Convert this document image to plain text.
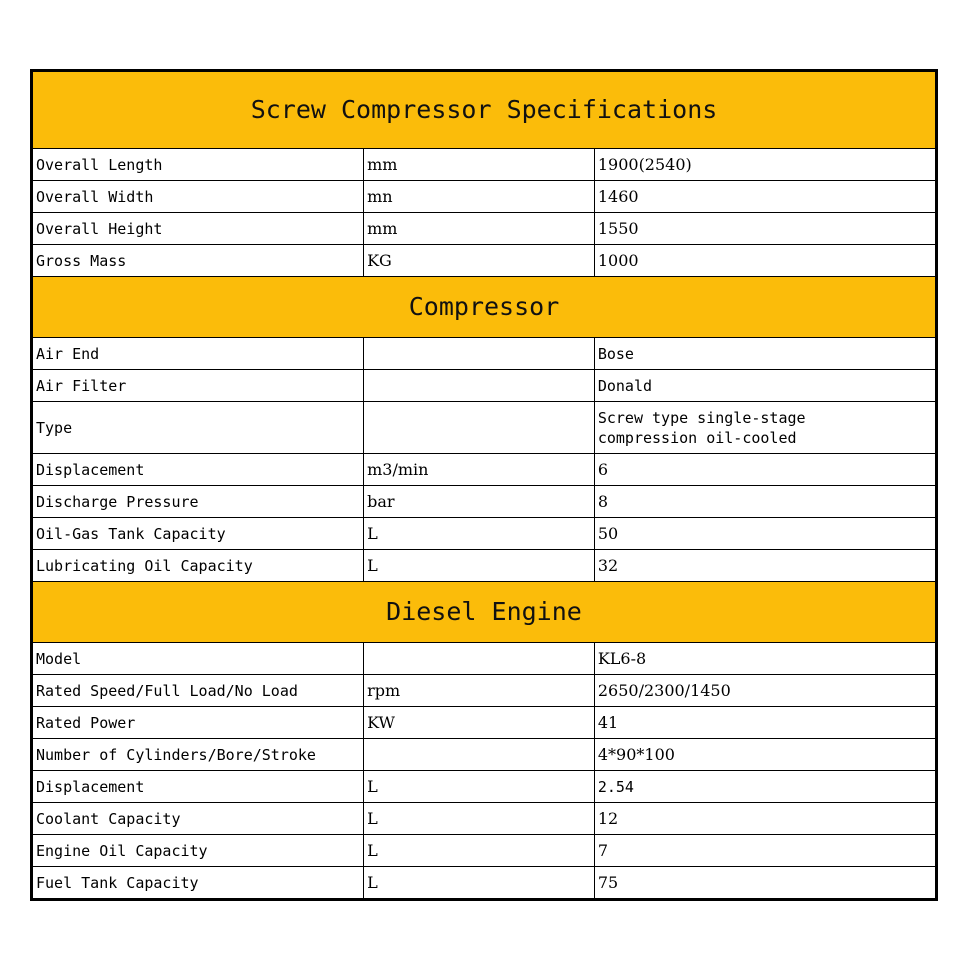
Screw Compressor Specifications		
Overall Length	mm	1900(2540)
Overall Width	mn	1460
Overall Height	mm	1550
Gross Mass	KG	1000
Compressor		
Air End		Bose
Air Filter		Donald
Type		Screw type single-stage
compression oil-cooled

Displacement	m3/min	6
Discharge Pressure	bar	8
Oil-Gas Tank Capacity	L	50
Lubricating Oil Capacity	L	32
Diesel Engine		
Model		KL6-8
Rated Speed/Full Load/No Load	rpm	2650/2300/1450
Rated Power	KW	41
Number of Cylinders/Bore/Stroke		4*90*100
Displacement	L	2.54
Coolant Capacity	L	12
Engine Oil Capacity	L	7
Fuel Tank Capacity	L	75
